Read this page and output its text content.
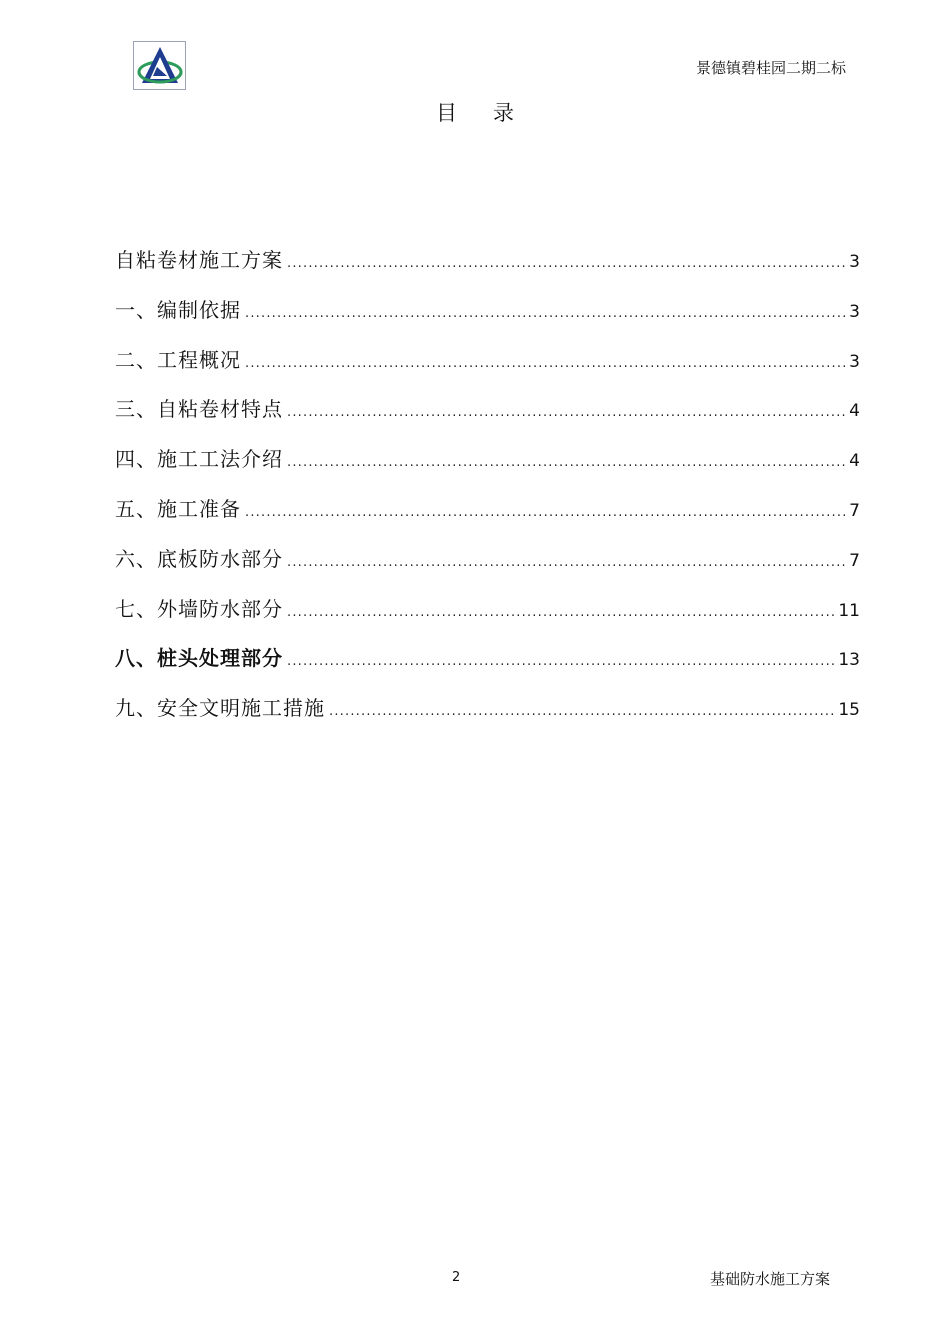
景德镇碧桂园二期二标
目 录
自粘卷材施工方案 .....	3
一、编制依据 .....	3
二、工程概况 .....	3
三、自粘卷材特点 .....	4
四、施工工法介绍 .....	4
五、施工准备 .....	7
六、底板防水部分 .....	7
七、外墙防水部分 .....	11
八、桩头处理部分 .....	13
九、安全文明施工措施 .....	15
2	基础防水施工方案
